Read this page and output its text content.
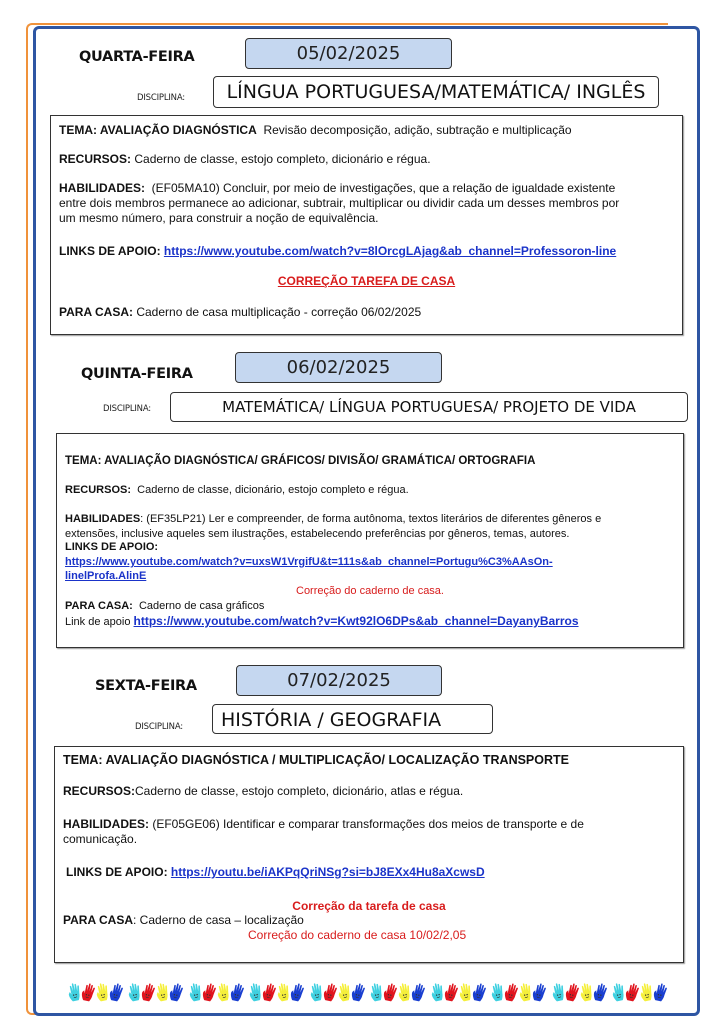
QUARTA-FEIRA	05/02/2025
DISCIPLINA:	LÍNGUA PORTUGUESA/MATEMÁTICA/ INGLÊS
TEMA: AVALIAÇÃO DIAGNÓSTICA Revisão decomposição, adição, subtração e multiplicação
RECURSOS: Caderno de classe, estojo completo, dicionário e régua.
HABILIDADES: (EF05MA10) Concluir, por meio de investigações, que a relação de igualdade existente
entre dois membros permanece ao adicionar, subtrair, multiplicar ou dividir cada um desses membros por
um mesmo número, para construir a noção de equivalência.
LINKS DE APOIO: https://www.youtube.com/watch?v=8lOrcgLAjag&ab_channel=Professoron-line
CORREÇÃO TAREFA DE CASA
PARA CASA: Caderno de casa multiplicação - correção 06/02/2025
QUINTA-FEIRA	06/02/2025
DISCIPLINA:	MATEMÁTICA/ LÍNGUA PORTUGUESA/ PROJETO DE VIDA
TEMA: AVALIAÇÃO DIAGNÓSTICA/ GRÁFICOS/ DIVISÃO/ GRAMÁTICA/ ORTOGRAFIA
RECURSOS: Caderno de classe, dicionário, estojo completo e régua.
HABILIDADES: (EF35LP21) Ler e compreender, de forma autônoma, textos literários de diferentes gêneros e
extensões, inclusive aqueles sem ilustrações, estabelecendo preferências por gêneros, temas, autores.
LINKS DE APOIO:
https://www.youtube.com/watch?v=uxsW1VrgifU&t=111s&ab_channel=Portugu%C3%AAsOn-
linelProfa.AlinE
Correção do caderno de casa.
PARA CASA: Caderno de casa gráficos
Link de apoio https://www.youtube.com/watch?v=Kwt92lO6DPs&ab_channel=DayanyBarros
SEXTA-FEIRA	07/02/2025
DISCIPLINA:	HISTÓRIA / GEOGRAFIA
TEMA: AVALIAÇÃO DIAGNÓSTICA / MULTIPLICAÇÃO/ LOCALIZAÇÃO TRANSPORTE
RECURSOS:Caderno de classe, estojo completo, dicionário, atlas e régua.
HABILIDADES: (EF05GE06) Identificar e comparar transformações dos meios de transporte e de
comunicação.
LINKS DE APOIO: https://youtu.be/iAKPqQriNSg?si=bJ8EXx4Hu8aXcwsD
Correção da tarefa de casa
PARA CASA: Caderno de casa – localização
Correção do caderno de casa 10/02/2,05
